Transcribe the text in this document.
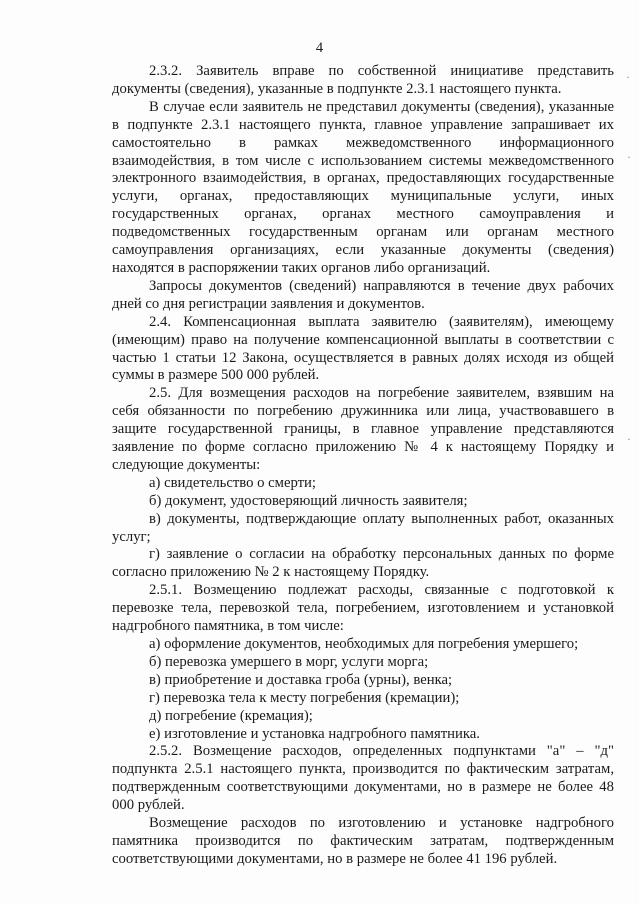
4

2.3.2. Заявитель вправе по собственной инициативе представить документы (сведения), указанные в подпункте 2.3.1 настоящего пункта.

В случае если заявитель не представил документы (сведения), указанные в подпункте 2.3.1 настоящего пункта, главное управление запрашивает их самостоятельно в рамках межведомственного информационного взаимодействия, в том числе с использованием системы межведомственного электронного взаимодействия, в органах, предоставляющих государственные услуги, органах, предоставляющих муниципальные услуги, иных государственных органах, органах местного самоуправления и подведомственных государственным органам или органам местного самоуправления организациях, если указанные документы (сведения) находятся в распоряжении таких органов либо организаций.

Запросы документов (сведений) направляются в течение двух рабочих дней со дня регистрации заявления и документов.

2.4. Компенсационная выплата заявителю (заявителям), имеющему (имеющим) право на получение компенсационной выплаты в соответствии с частью 1 статьи 12 Закона, осуществляется в равных долях исходя из общей суммы в размере 500 000 рублей.

2.5. Для возмещения расходов на погребение заявителем, взявшим на себя обязанности по погребению дружинника или лица, участвовавшего в защите государственной границы, в главное управление представляются заявление по форме согласно приложению № 4 к настоящему Порядку и следующие документы:

а) свидетельство о смерти;

б) документ, удостоверяющий личность заявителя;

в) документы, подтверждающие оплату выполненных работ, оказанных услуг;

г) заявление о согласии на обработку персональных данных по форме согласно приложению № 2 к настоящему Порядку.

2.5.1. Возмещению подлежат расходы, связанные с подготовкой к перевозке тела, перевозкой тела, погребением, изготовлением и установкой надгробного памятника, в том числе:

а) оформление документов, необходимых для погребения умершего;

б) перевозка умершего в морг, услуги морга;

в) приобретение и доставка гроба (урны), венка;

г) перевозка тела к месту погребения (кремации);

д) погребение (кремация);

е) изготовление и установка надгробного памятника.

2.5.2. Возмещение расходов, определенных подпунктами "а" – "д" подпункта 2.5.1 настоящего пункта, производится по фактическим затратам, подтвержденным соответствующими документами, но в размере не более 48 000 рублей.

Возмещение расходов по изготовлению и установке надгробного памятника производится по фактическим затратам, подтвержденным соответствующими документами, но в размере не более 41 196 рублей.

·
·
·
